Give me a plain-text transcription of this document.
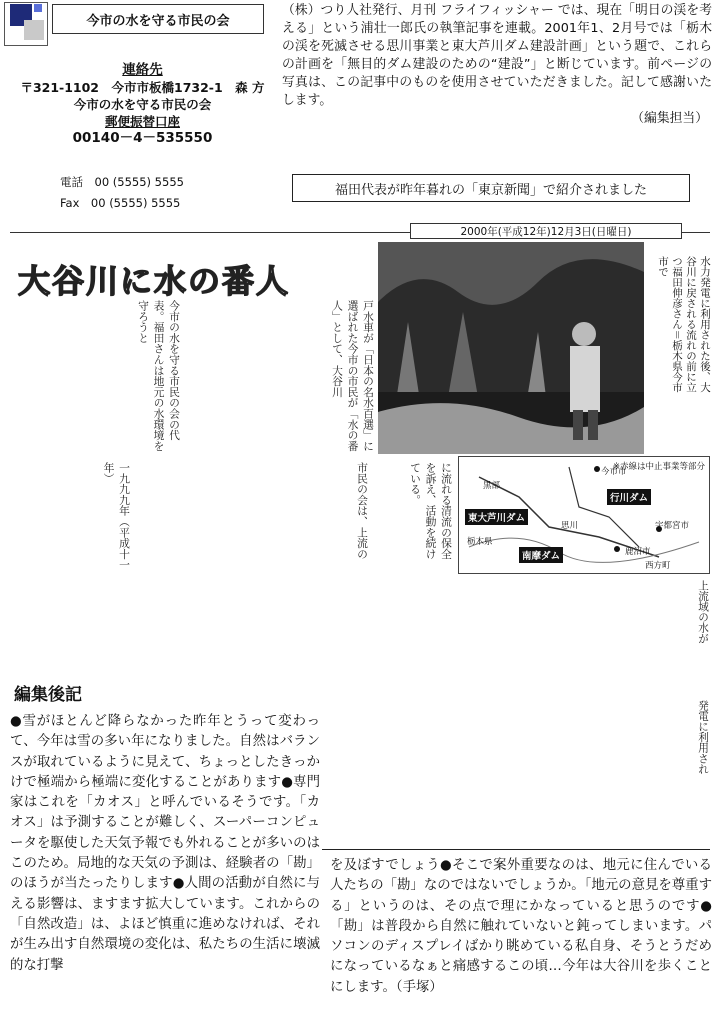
今市の水を守る市民の会
連絡先
〒321-1102　今市市板橋1732-1　森 方
今市の水を守る市民の会
郵便振替口座
00140－4－535550
電話　00 (5555) 5555
Fax　00 (5555) 5555
（株）つり人社発行、月刊 フライフィッシャー では、現在「明日の渓を考える」という浦壮一郎氏の執筆記事を連載。2001年1、2月号では「栃木の渓を死滅させる思川事業と東大芦川ダム建設計画」という題で、これらの計画を「無目的ダム建設のための“建設”」と断じています。前ページの写真は、この記事中のものを使用させていただきました。記して感謝いたします。
（編集担当）
福田代表が昨年暮れの「東京新聞」で紹介されました
2000年(平成12年)12月3日(日曜日)
大谷川に水の番人	水力発電に利用された後、大谷川に戻される流れの前に立つ福田伸彦さん＝栃木県今市市で
戸水車が「日本の名水百選」に選ばれた今市の市民が「水の番人」として、大谷川
今市の水を守る市民の会の代表。福田さんは地元の水環境を守ろうと
に流れる清流の保全を訴え、活動を続けている。
一九九九年（平成十一年）	市民の会は、上流の	※赤線は中止事業等部分
黒部
今市市
行川ダム
東大芦川ダム
思川	宇都宮市
栃木県
南摩ダム	鹿沼市
西方町
上流域の水が
発電に利用され
編集後記
●雪がほとんど降らなかった昨年とうって変わって、今年は雪の多い年になりました。自然はバランスが取れているように見えて、ちょっとしたきっかけで極端から極端に変化することがあります●専門家はこれを「カオス」と呼んでいるそうです。「カオス」は予測することが難しく、スーパーコンピュータを駆使した天気予報でも外れることが多いのはこのため。局地的な天気の予測は、経験者の「勘」のほうが当たったりします●人間の活動が自然に与える影響は、ますます拡大しています。これからの「自然改造」は、よほど慎重に進めなければ、それが生み出す自然環境の変化は、私たちの生活に壊滅的な打撃
を及ぼすでしょう●そこで案外重要なのは、地元に住んでいる人たちの「勘」なのではないでしょうか。「地元の意見を尊重する」というのは、その点で理にかなっていると思うのです●「勘」は普段から自然に触れていないと鈍ってしまいます。パソコンのディスプレイばかり眺めている私自身、そうとうだめになっているなぁと痛感するこの頃…今年は大谷川を歩くことにします。（手塚）
